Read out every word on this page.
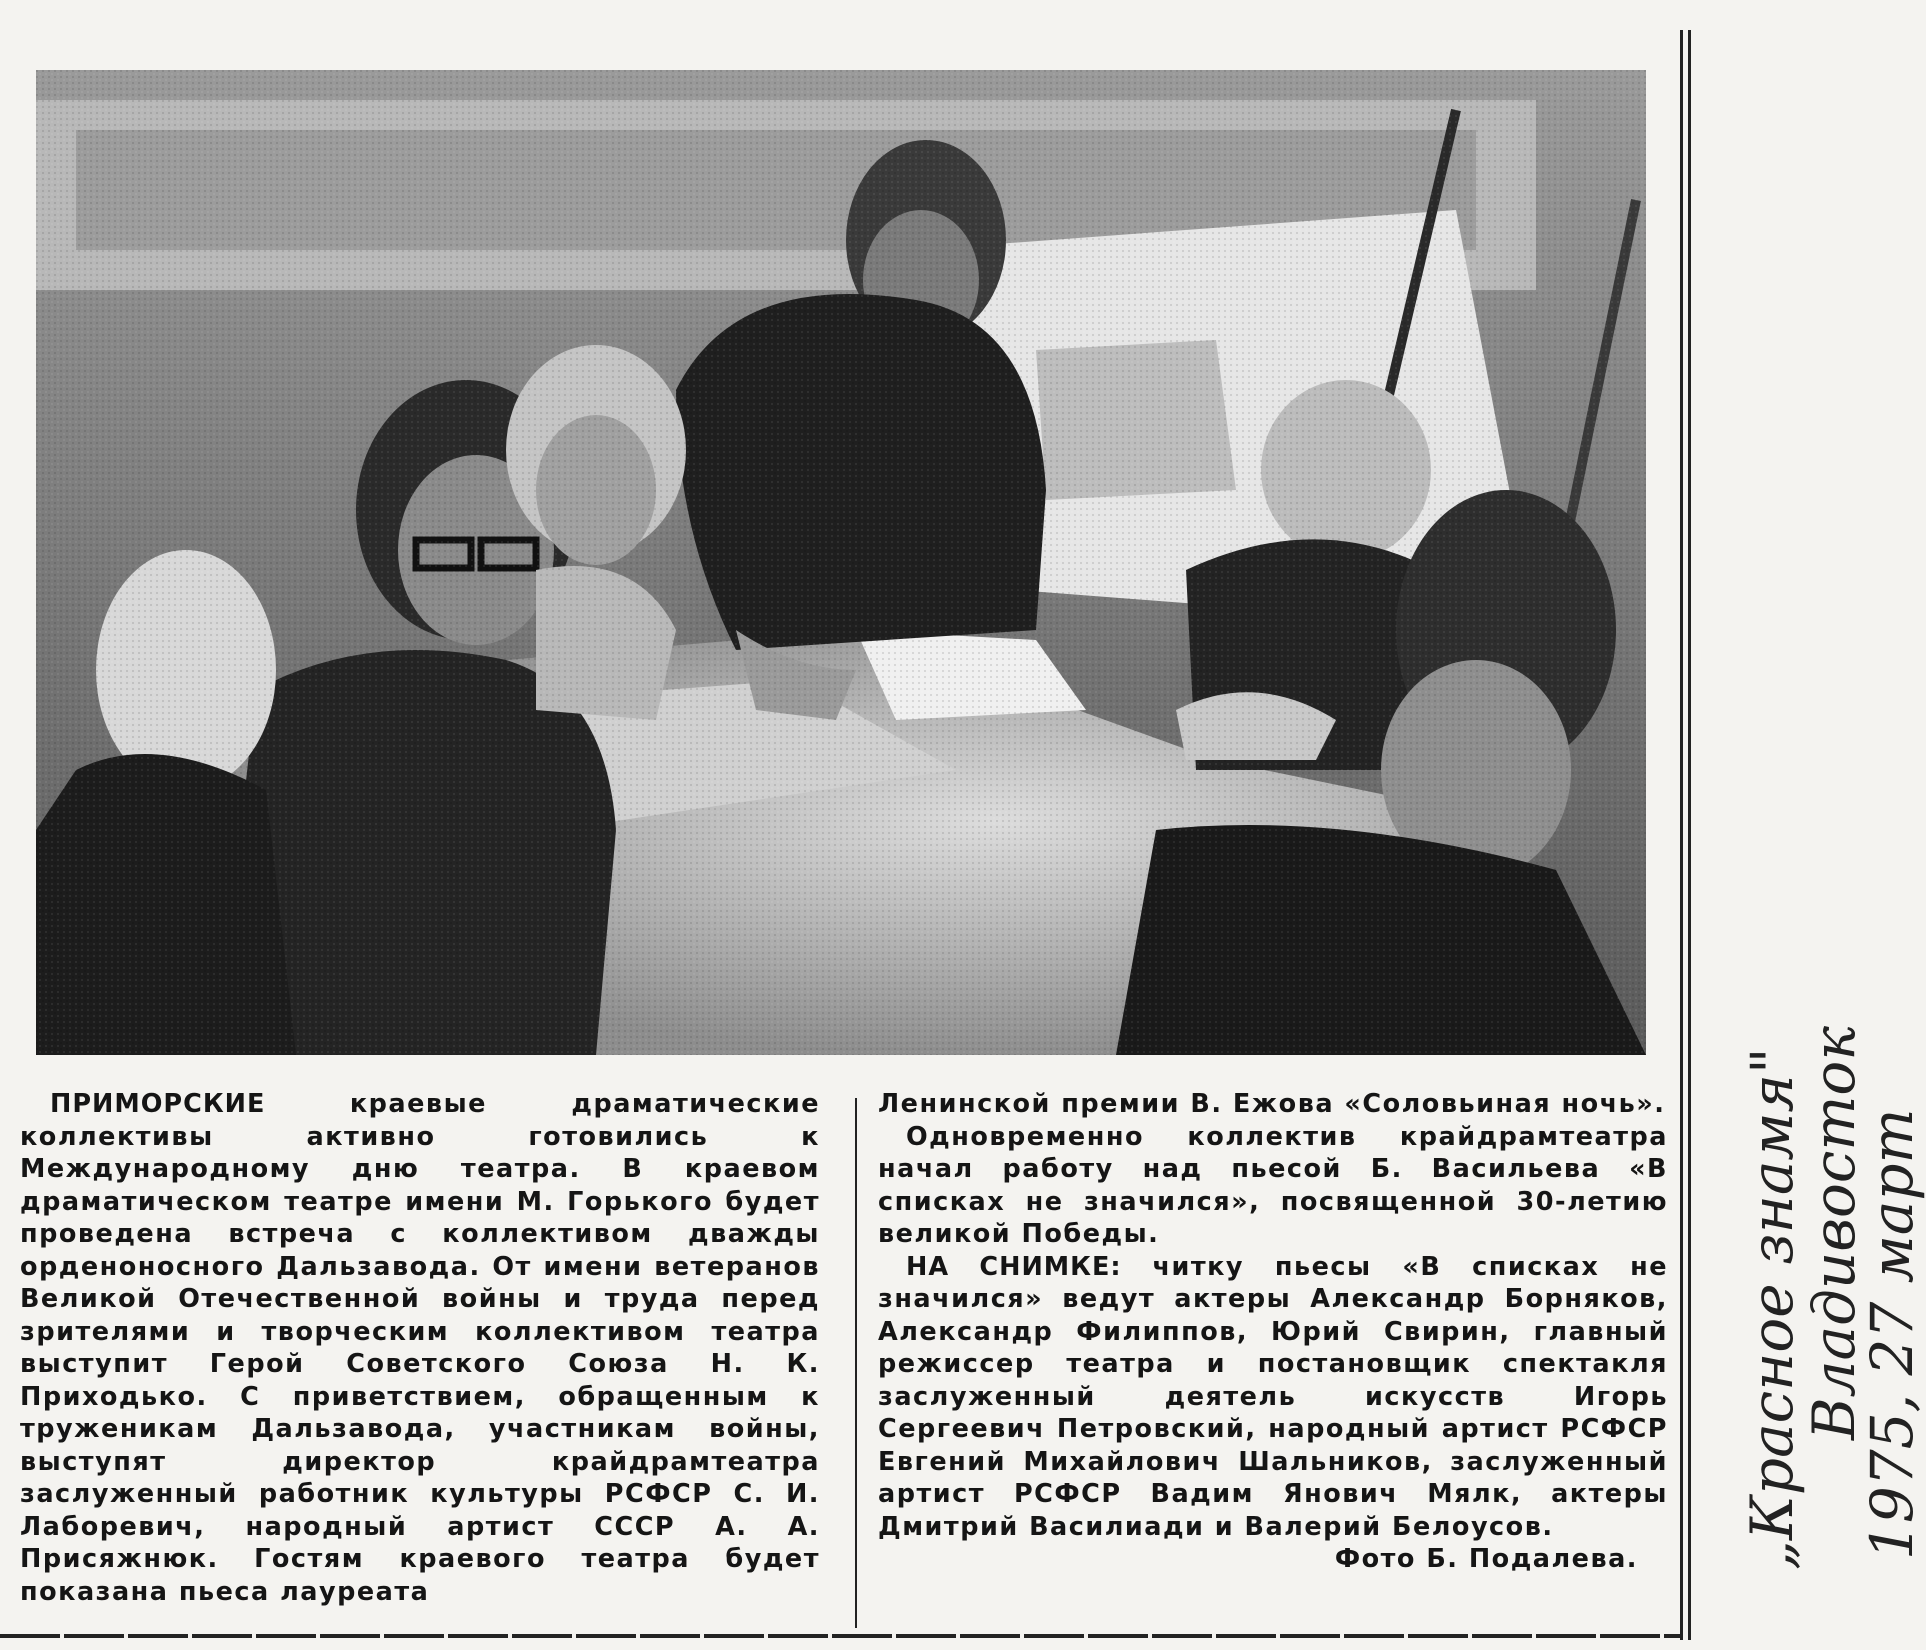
ПРИМОРСКИЕ краевые драматические коллективы активно готовились к Международному дню театра. В краевом драматическом театре имени М. Горького будет проведена встреча с коллективом дважды орденоносного Дальзавода. От имени ветеранов Великой Отечественной войны и труда перед зрителями и творческим коллективом театра выступит Герой Советского Союза Н. К. Приходько. С приветствием, обращенным к труженикам Дальзавода, участникам войны, выступят директор крайдрамтеатра заслуженный работник культуры РСФСР С. И. Лаборевич, народный артист СССР А. А. Присяжнюк. Гостям краевого театра будет показана пьеса лауреата

Ленинской премии В. Ежова «Соловьиная ночь».

Одновременно коллектив крайдрамтеатра начал работу над пьесой Б. Васильева «В списках не значился», посвященной 30-летию великой Победы.

НА СНИМКЕ: читку пьесы «В списках не значился» ведут актеры Александр Борняков, Александр Филиппов, Юрий Свирин, главный режиссер театра и постановщик спектакля заслуженный деятель искусств Игорь Сергеевич Петровский, народный артист РСФСР Евгений Михайлович Шальников, заслуженный артист РСФСР Вадим Янович Мялк, актеры Дмитрий Василиади и Валерий Белоусов.

Фото Б. Подалева.	„Красное знамя"
Владивосток
1975, 27 март
